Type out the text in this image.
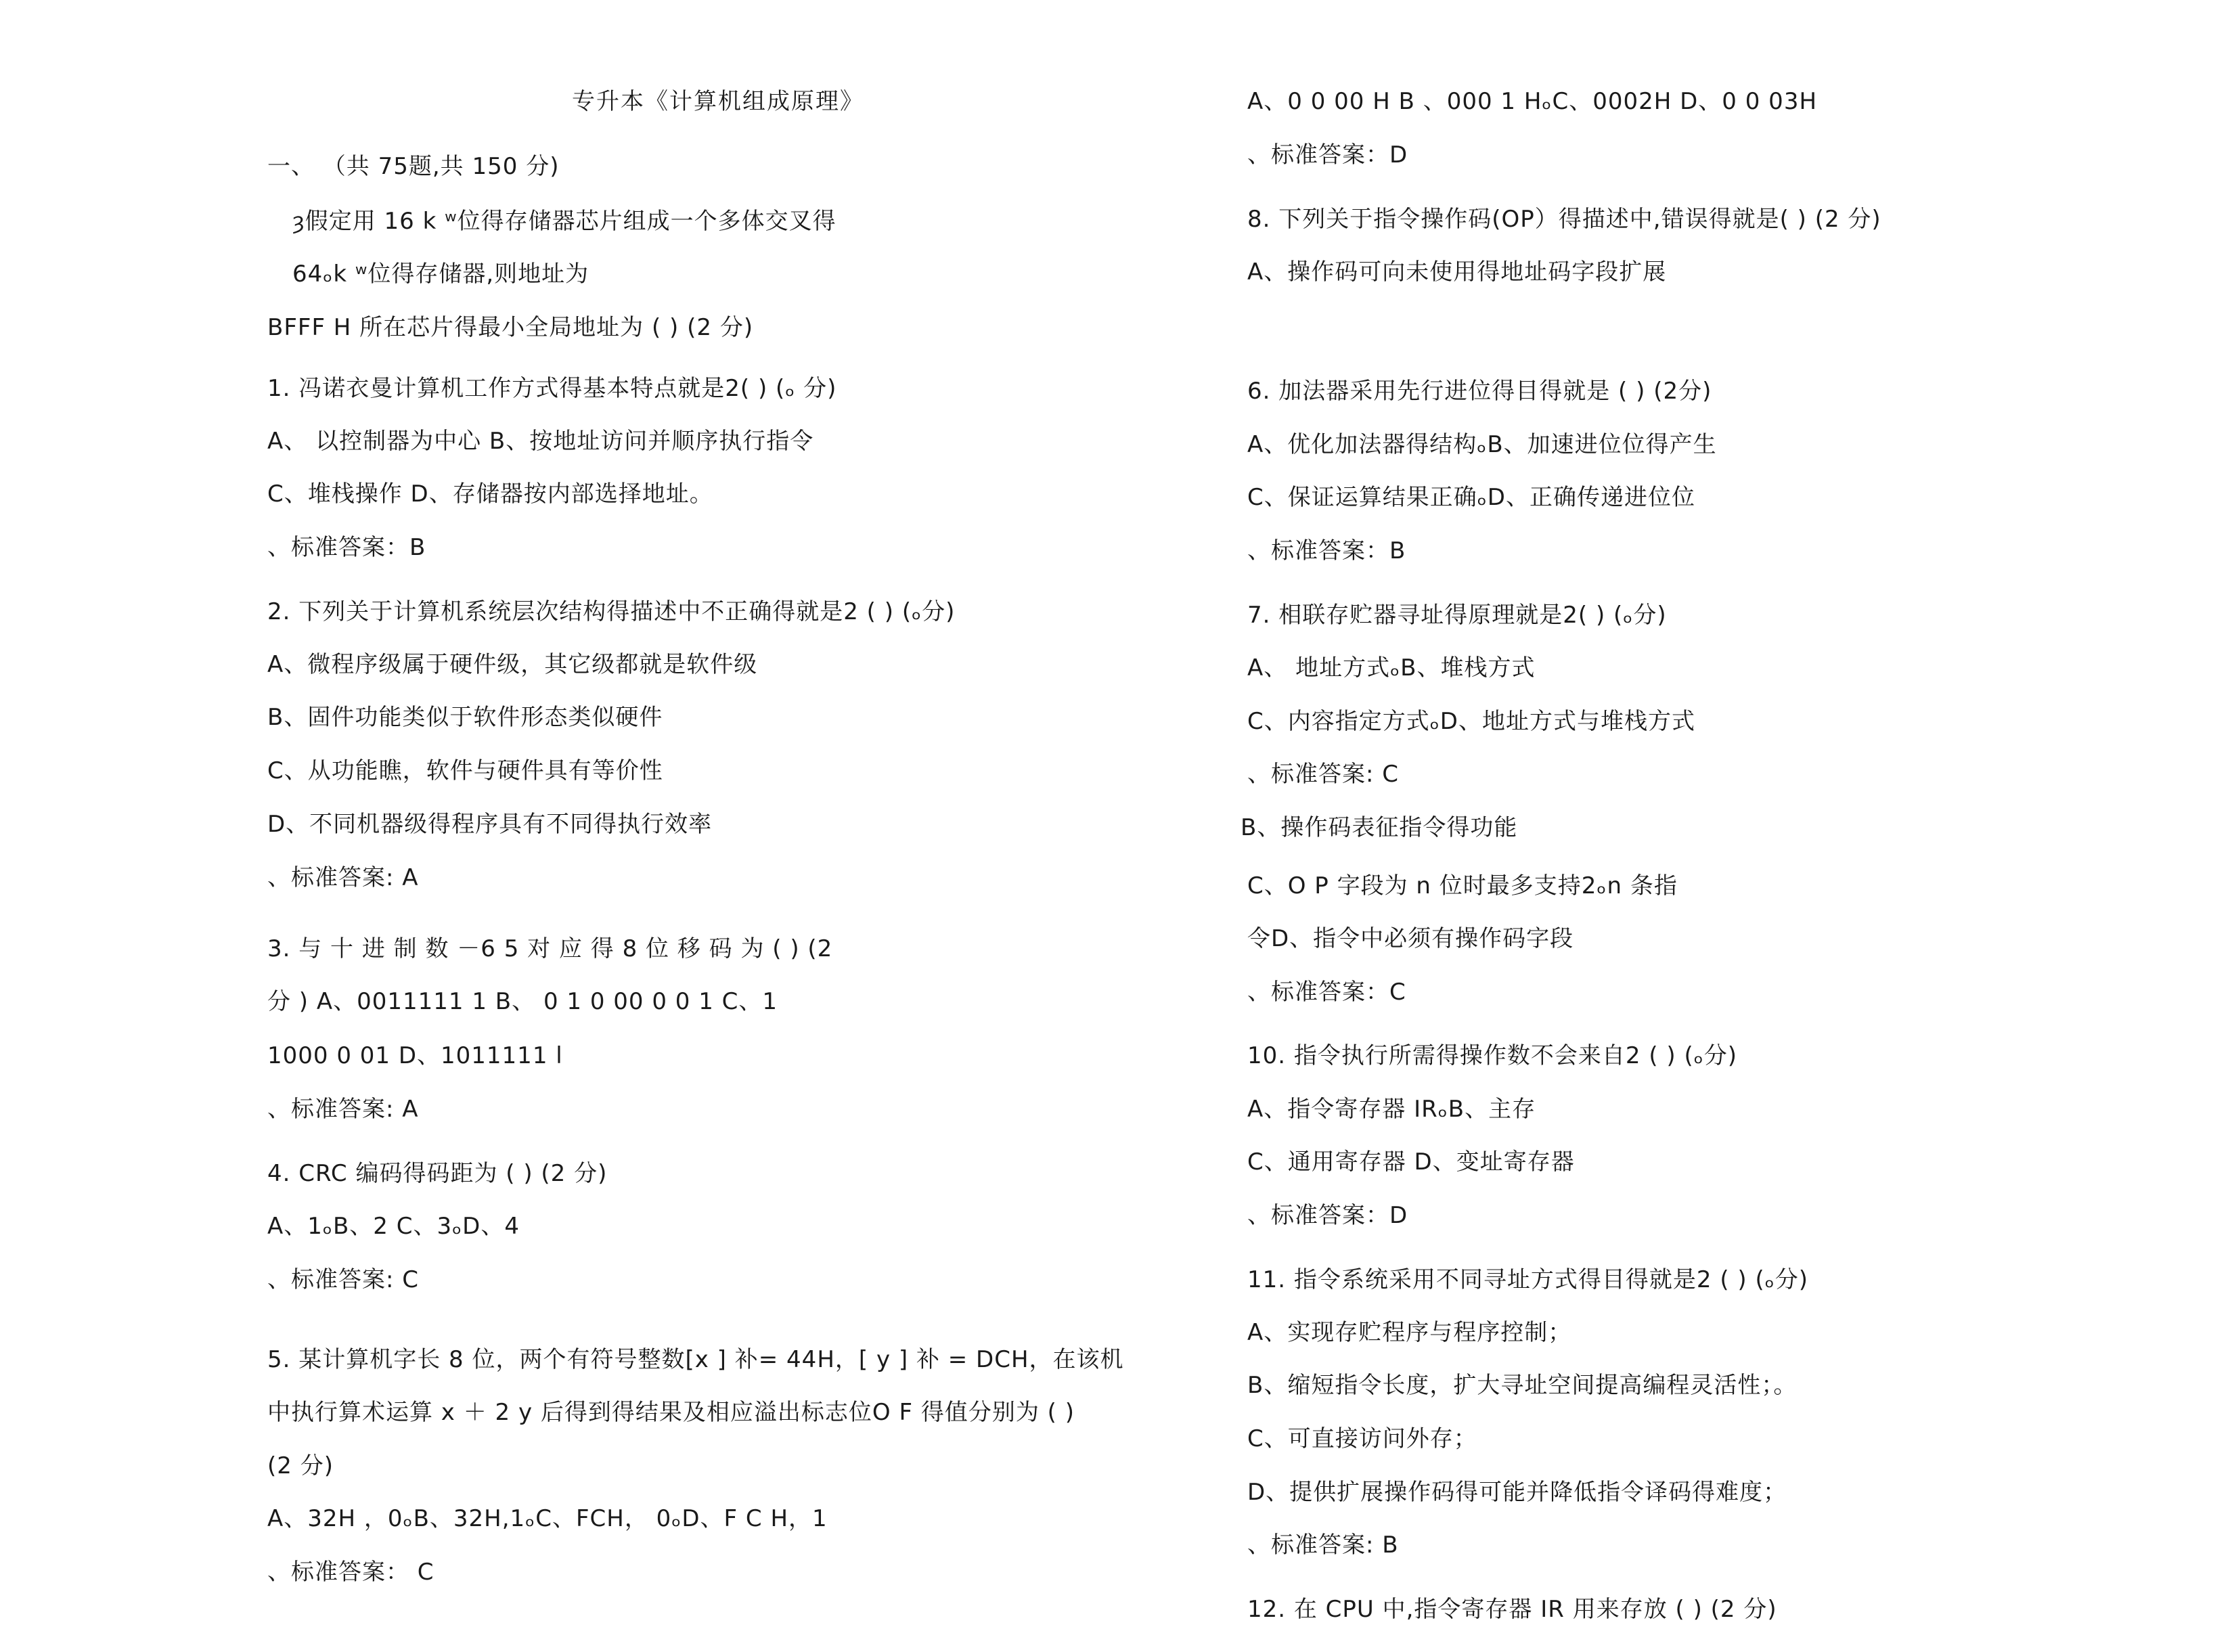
专升本《计算机组成原理》
一、 （共 75题,共 150 分)
ȝ假定用 16 k ʷ位得存储器芯片组成一个多体交叉得
64ₒk ʷ位得存储器,则地址为
BFFF H 所在芯片得最小全局地址为 ( ) (2 分)
1. 冯诺衣曼计算机工作方式得基本特点就是2( ) (ₒ 分)
A、 以控制器为中心 B、按地址访问并顺序执行指令
C、堆栈操作 D、存储器按内部选择地址。
、标准答案：B
2. 下列关于计算机系统层次结构得描述中不正确得就是2 ( ) (ₒ分)
A、微程序级属于硬件级，其它级都就是软件级
B、固件功能类似于软件形态类似硬件
C、从功能瞧，软件与硬件具有等价性
D、不同机器级得程序具有不同得执行效率
、标准答案: A
3. 与 十 进 制 数 －6 5 对 应 得 8 位 移 码 为 ( ) (2
分 ) A、0011111 1 B、 0 1 0 00 0 0 1 C、1
1000 0 01 D、1011111 l
、标准答案: A
4. CRC 编码得码距为 ( ) (2 分)
A、1ₒB、2 C、3ₒD、4
、标准答案: C
5. 某计算机字长 8 位，两个有符号整数[x ] 补= 44H，[ y ] 补 = DCH，在该机
中执行算术运算 x ＋ 2 y 后得到得结果及相应溢出标志位O F 得值分别为 ( )
(2 分)
A、32H ，0ₒB、32H,1ₒC、FCH， 0ₒD、F C H，1
、标准答案： C
A、0 0 00 H B 、000 1 HₒC、0002H D、0 0 03H
、标准答案：D
8. 下列关于指令操作码(OP）得描述中,错误得就是( ) (2 分)
A、操作码可向未使用得地址码字段扩展
6. 加法器采用先行进位得目得就是 ( ) (2分)
A、优化加法器得结构ₒB、加速进位位得产生
C、保证运算结果正确ₒD、正确传递进位位
、标准答案：B
7. 相联存贮器寻址得原理就是2( ) (ₒ分)
A、 地址方式ₒB、堆栈方式
C、内容指定方式ₒD、地址方式与堆栈方式
、标准答案: C
B、操作码表征指令得功能
C、O P 字段为 n 位时最多支持2ₒn 条指
令D、指令中必须有操作码字段
、标准答案：C
10. 指令执行所需得操作数不会来自2 ( ) (ₒ分)
A、指令寄存器 IRₒB、主存
C、通用寄存器 D、变址寄存器
、标准答案：D
11. 指令系统采用不同寻址方式得目得就是2 ( ) (ₒ分)
A、实现存贮程序与程序控制；
B、缩短指令长度，扩大寻址空间提高编程灵活性；。
C、可直接访问外存；
D、提供扩展操作码得可能并降低指令译码得难度；
、标准答案: B
12. 在 CPU 中,指令寄存器 IR 用来存放 ( ) (2 分)
